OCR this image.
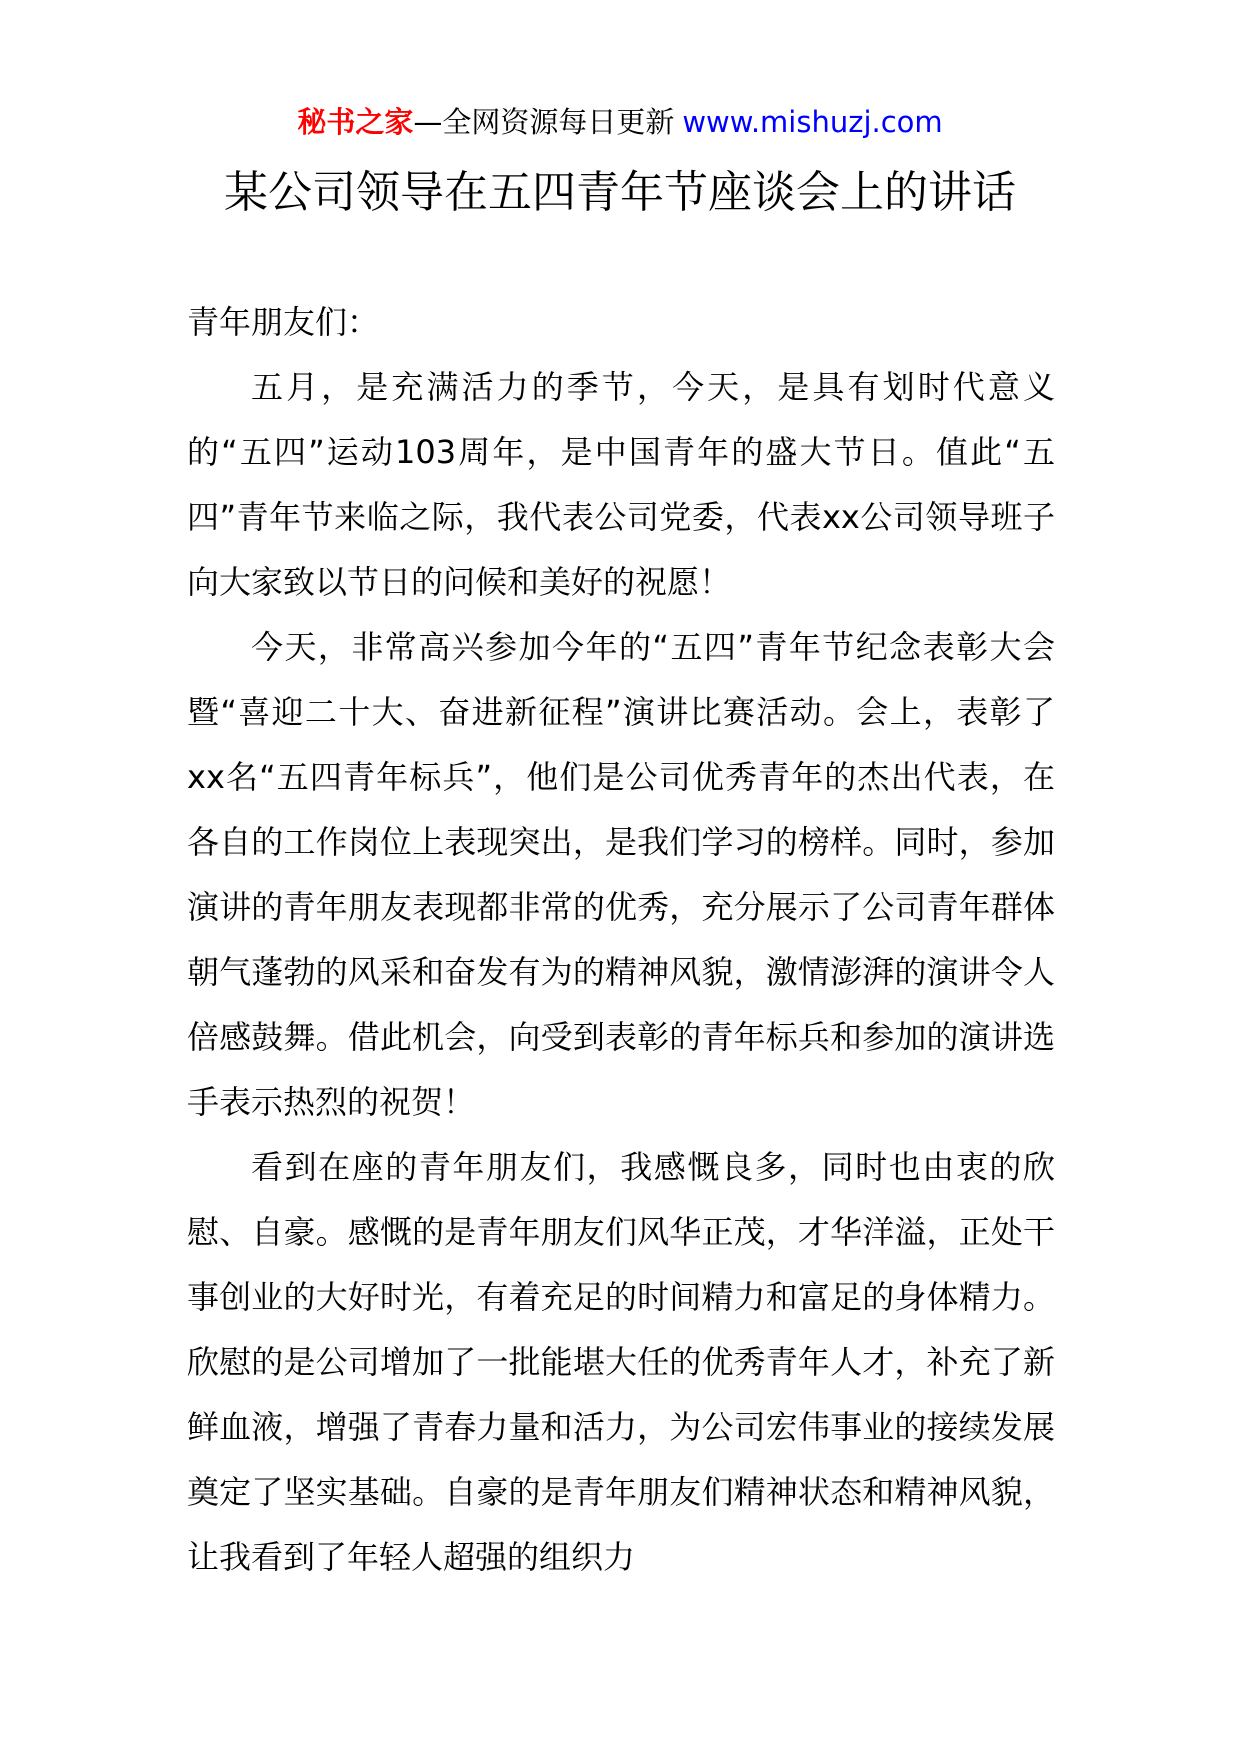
秘书之家—全网资源每日更新 www.mishuzj.com
某公司领导在五四青年节座谈会上的讲话

青年朋友们：

五月，是充满活力的季节，今天，是具有划时代意义的“五四”运动103周年，是中国青年的盛大节日。值此“五四”青年节来临之际，我代表公司党委，代表xx公司领导班子向大家致以节日的问候和美好的祝愿！

今天，非常高兴参加今年的“五四”青年节纪念表彰大会暨“喜迎二十大、奋进新征程”演讲比赛活动。会上，表彰了xx名“五四青年标兵”，他们是公司优秀青年的杰出代表，在各自的工作岗位上表现突出，是我们学习的榜样。同时，参加演讲的青年朋友表现都非常的优秀，充分展示了公司青年群体朝气蓬勃的风采和奋发有为的精神风貌，激情澎湃的演讲令人倍感鼓舞。借此机会，向受到表彰的青年标兵和参加的演讲选手表示热烈的祝贺！

看到在座的青年朋友们，我感慨良多，同时也由衷的欣慰、自豪。感慨的是青年朋友们风华正茂，才华洋溢，正处干事创业的大好时光，有着充足的时间精力和富足的身体精力。欣慰的是公司增加了一批能堪大任的优秀青年人才，补充了新鲜血液，增强了青春力量和活力，为公司宏伟事业的接续发展奠定了坚实基础。自豪的是青年朋友们精神状态和精神风貌，让我看到了年轻人超强的组织力
